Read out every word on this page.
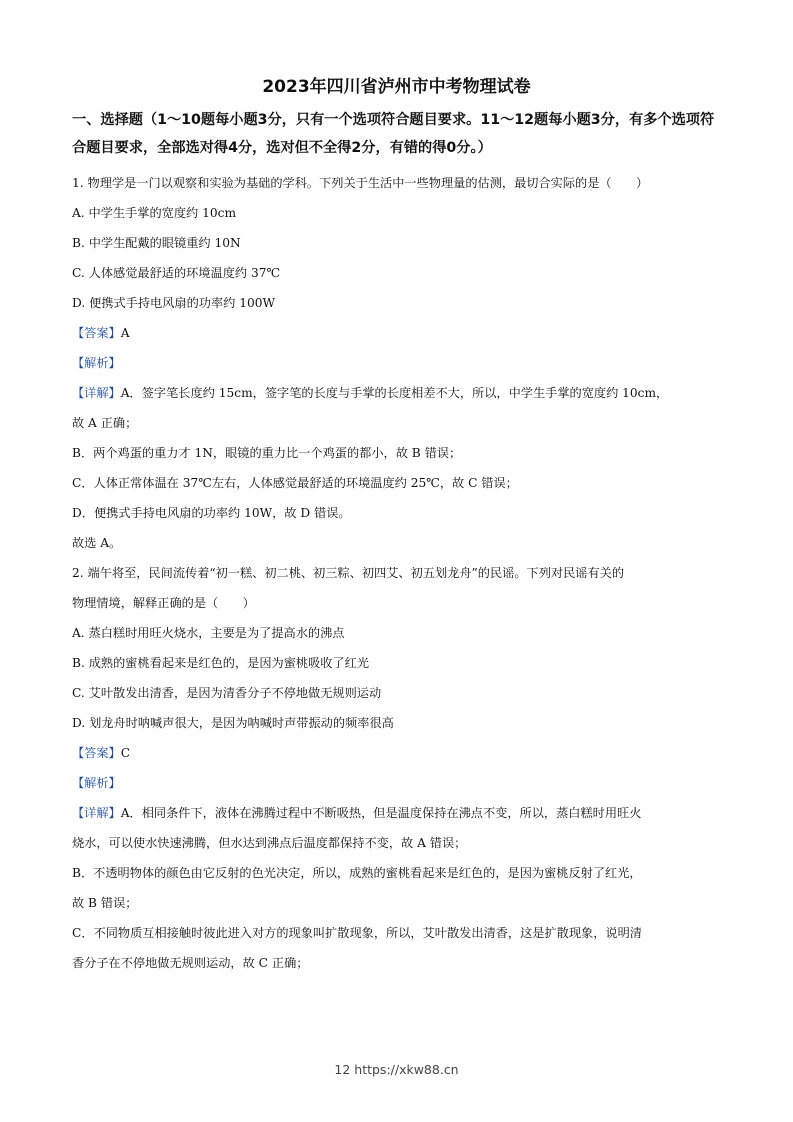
2023年四川省泸州市中考物理试卷
一、选择题（1～10题每小题3分，只有一个选项符合题目要求。11～12题每小题3分，有多个选项符合题目要求，全部选对得4分，选对但不全得2分，有错的得0分。）

1. 物理学是一门以观察和实验为基础的学科。下列关于生活中一些物理量的估测，最切合实际的是（　　）

A. 中学生手掌的宽度约 10cm

B. 中学生配戴的眼镜重约 10N

C. 人体感觉最舒适的环境温度约 37℃

D. 便携式手持电风扇的功率约 100W

【答案】A

【解析】

【详解】A．签字笔长度约 15cm，签字笔的长度与手掌的长度相差不大，所以，中学生手掌的宽度约 10cm，

故 A 正确；

B．两个鸡蛋的重力才 1N，眼镜的重力比一个鸡蛋的都小，故 B 错误；

C．人体正常体温在 37℃左右，人体感觉最舒适的环境温度约 25℃，故 C 错误；

D．便携式手持电风扇的功率约 10W，故 D 错误。

故选 A。

2. 端午将至，民间流传着“初一糕、初二桃、初三粽、初四艾、初五划龙舟”的民谣。下列对民谣有关的

物理情境，解释正确的是（　　）

A. 蒸白糕时用旺火烧水，主要是为了提高水的沸点

B. 成熟的蜜桃看起来是红色的，是因为蜜桃吸收了红光

C. 艾叶散发出清香，是因为清香分子不停地做无规则运动

D. 划龙舟时呐喊声很大，是因为呐喊时声带振动的频率很高

【答案】C

【解析】

【详解】A．相同条件下，液体在沸腾过程中不断吸热，但是温度保持在沸点不变，所以，蒸白糕时用旺火

烧水，可以使水快速沸腾，但水达到沸点后温度都保持不变，故 A 错误；

B．不透明物体的颜色由它反射的色光决定，所以，成熟的蜜桃看起来是红色的，是因为蜜桃反射了红光，

故 B 错误；

C．不同物质互相接触时彼此进入对方的现象叫扩散现象，所以，艾叶散发出清香，这是扩散现象，说明清

香分子在不停地做无规则运动，故 C 正确；

12 https://xkw88.cn
